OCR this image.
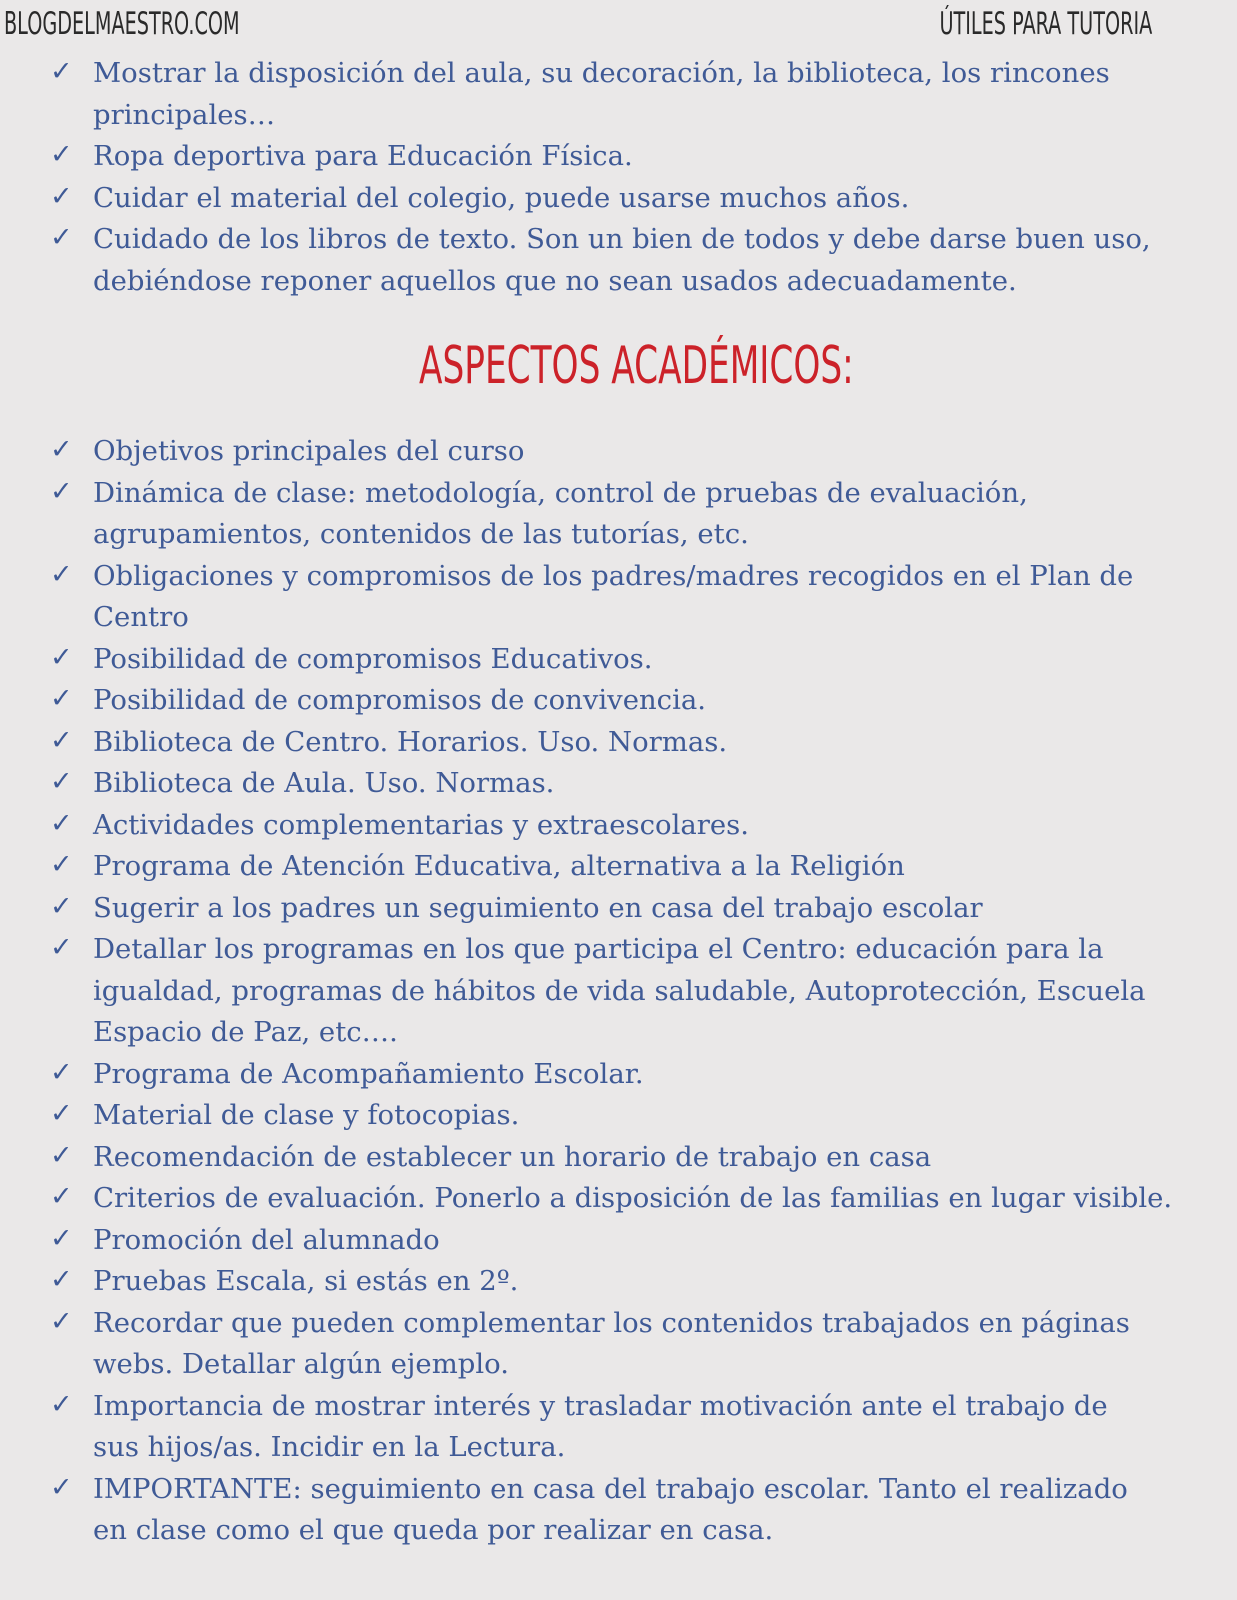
BLOGDELMAESTRO.COM	ÚTILES PARA TUTORIA
✓ Mostrar la disposición del aula, su decoración, la biblioteca, los rincones
principales…
✓ Ropa deportiva para Educación Física.
✓ Cuidar el material del colegio, puede usarse muchos años.
✓ Cuidado de los libros de texto. Son un bien de todos y debe darse buen uso,
debiéndose reponer aquellos que no sean usados adecuadamente.
ASPECTOS ACADÉMICOS:
✓ Objetivos principales del curso
✓ Dinámica de clase: metodología, control de pruebas de evaluación,
agrupamientos, contenidos de las tutorías, etc.
✓ Obligaciones y compromisos de los padres/madres recogidos en el Plan de
Centro
✓ Posibilidad de compromisos Educativos.
✓ Posibilidad de compromisos de convivencia.
✓ Biblioteca de Centro. Horarios. Uso. Normas.
✓ Biblioteca de Aula. Uso. Normas.
✓ Actividades complementarias y extraescolares.
✓ Programa de Atención Educativa, alternativa a la Religión
✓ Sugerir a los padres un seguimiento en casa del trabajo escolar
✓ Detallar los programas en los que participa el Centro: educación para la
igualdad, programas de hábitos de vida saludable, Autoprotección, Escuela
Espacio de Paz, etc….
✓ Programa de Acompañamiento Escolar.
✓ Material de clase y fotocopias.
✓ Recomendación de establecer un horario de trabajo en casa
✓ Criterios de evaluación. Ponerlo a disposición de las familias en lugar visible.
✓ Promoción del alumnado
✓ Pruebas Escala, si estás en 2º.
✓ Recordar que pueden complementar los contenidos trabajados en páginas
webs. Detallar algún ejemplo.
✓ Importancia de mostrar interés y trasladar motivación ante el trabajo de
sus hijos/as. Incidir en la Lectura.
✓ IMPORTANTE: seguimiento en casa del trabajo escolar. Tanto el realizado
en clase como el que queda por realizar en casa.
